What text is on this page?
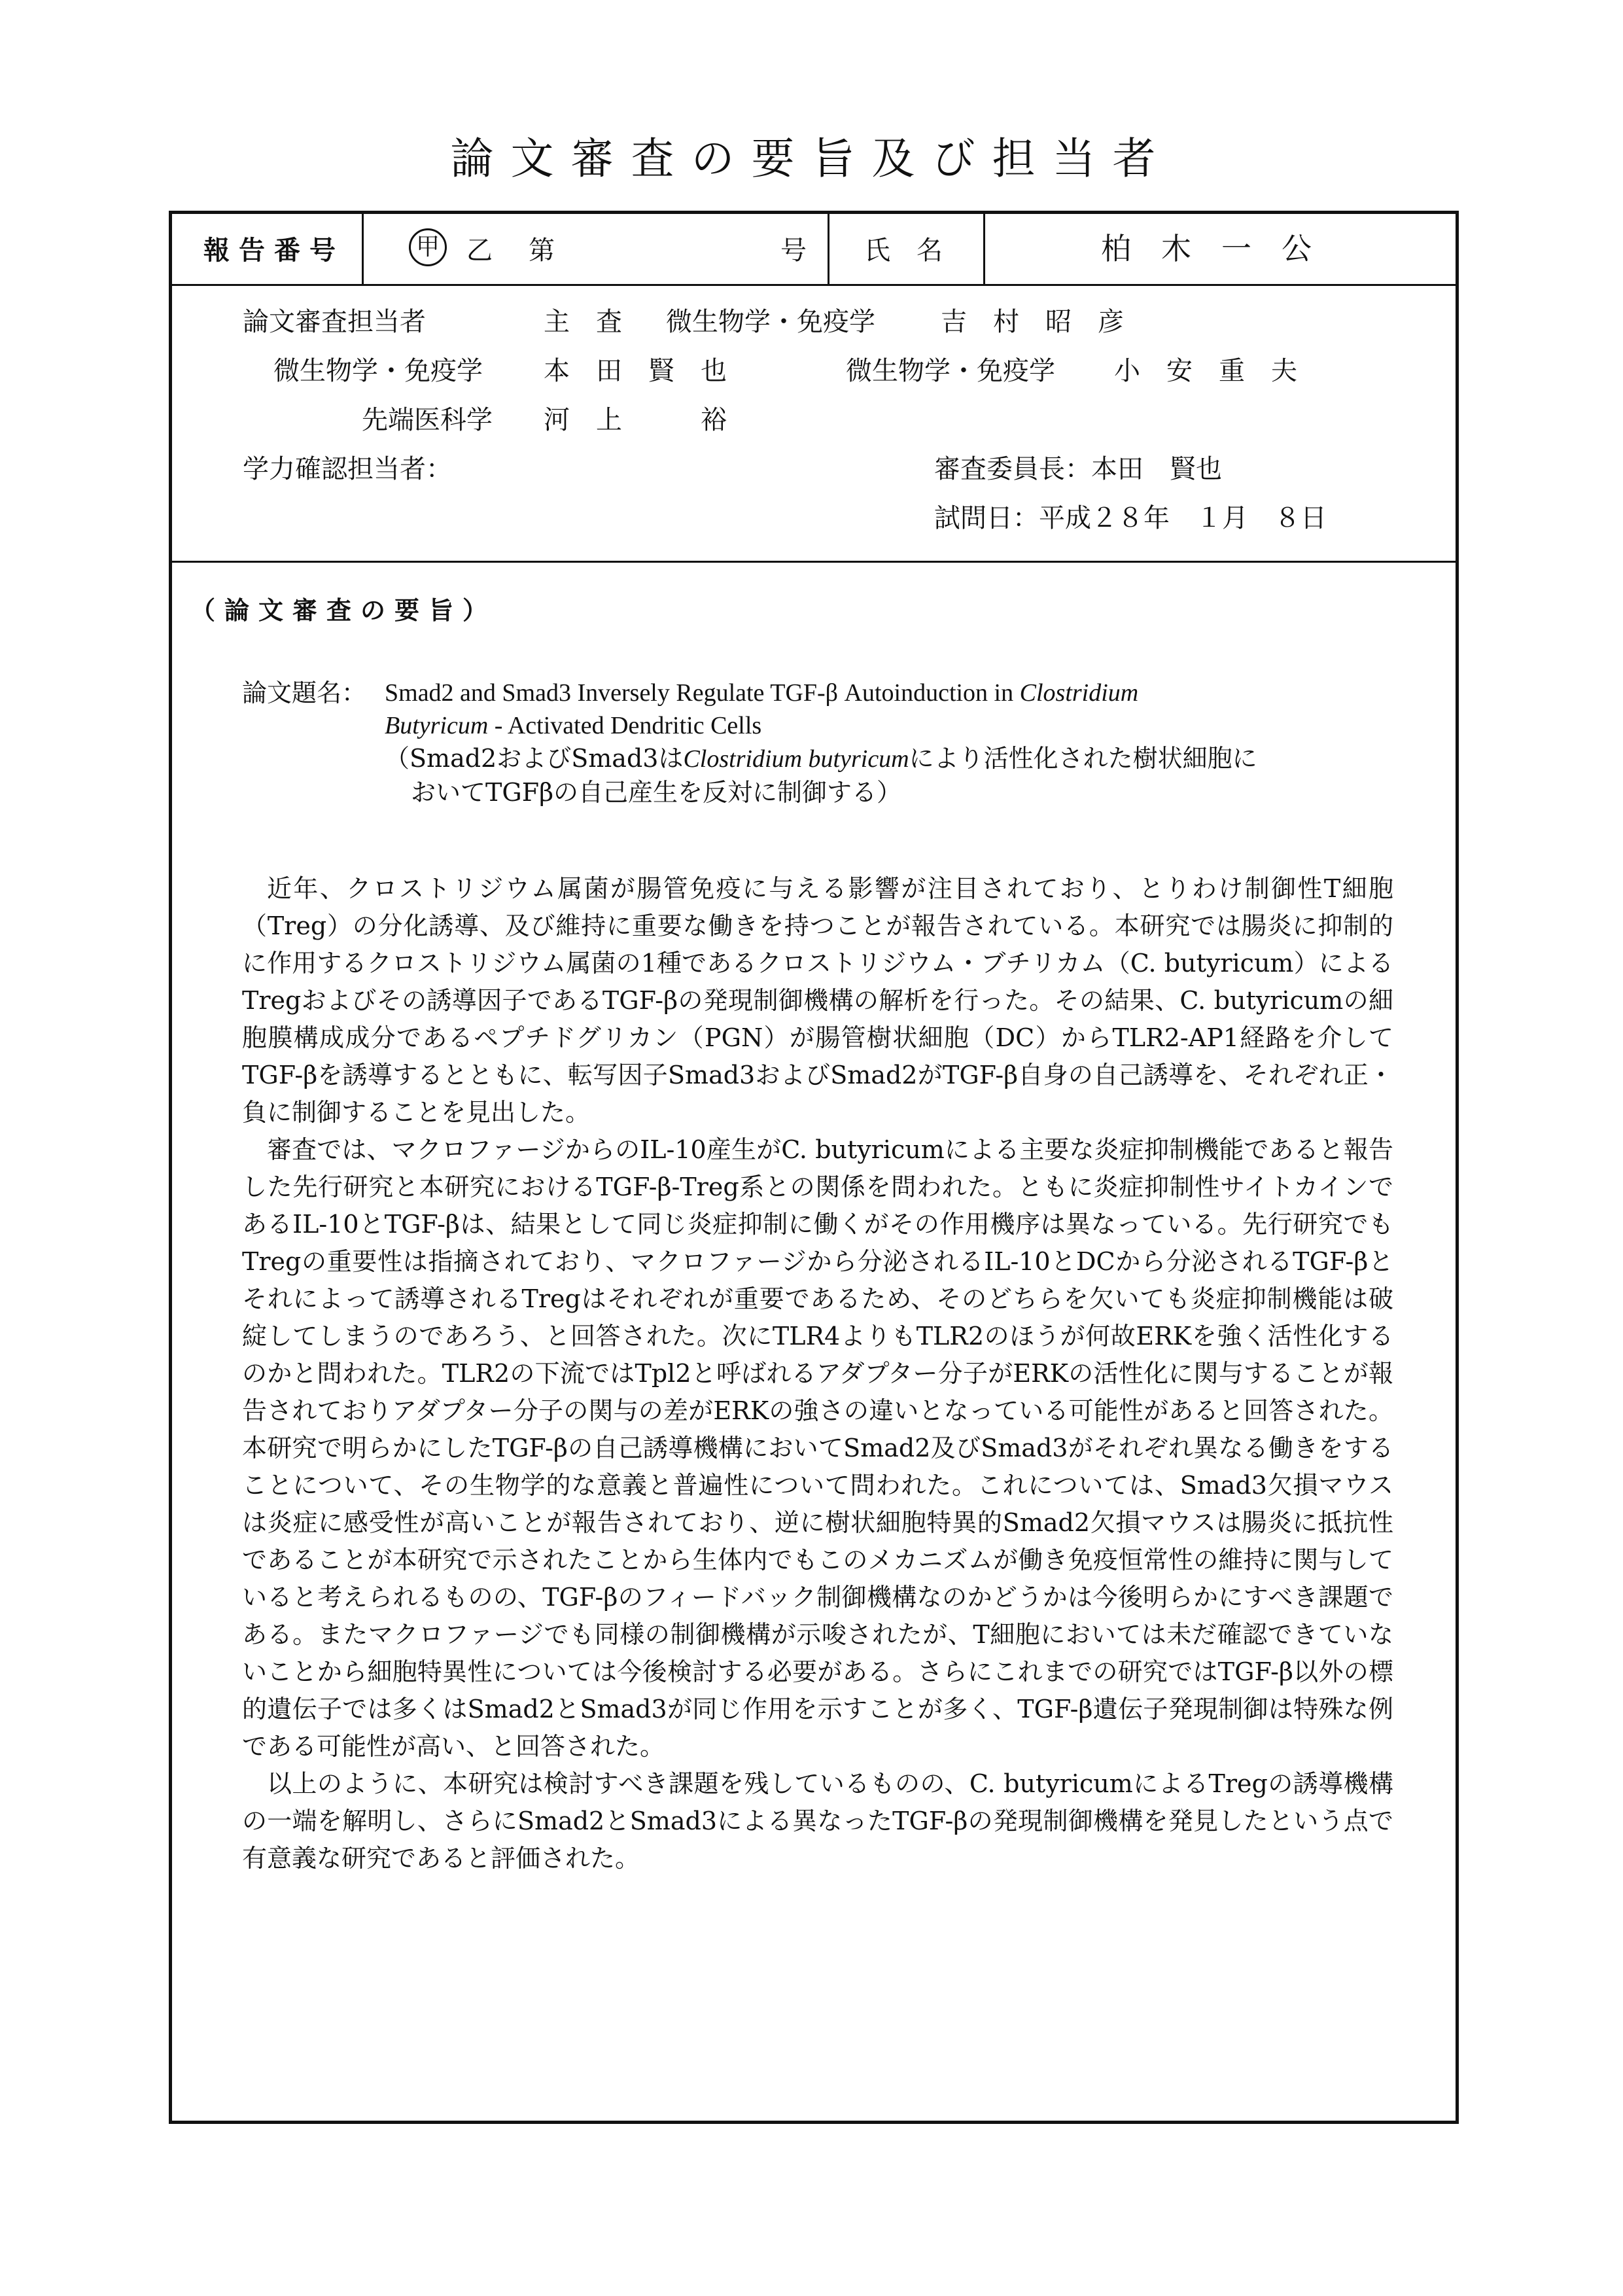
論文審査の要旨及び担当者
報告番号	甲 乙 第	号 氏　名	柏　木　一　公
論文審査担当者	主　査 微生物学・免疫学	吉　村　昭　彦
微生物学・免疫学 本　田　賢　也	微生物学・免疫学 小　安　重　夫
先端医科学 河　上　　　裕
学力確認担当者：	審査委員長：本田　賢也
試問日：平成２８年　１月　８日
（論文審査の要旨）
論文題名： Smad2 and Smad3 Inversely Regulate TGF-β Autoinduction in Clostridium
Butyricum - Activated Dendritic Cells
（Smad2およびSmad3はClostridium butyricumにより活性化された樹状細胞に
おいてTGFβの自己産生を反対に制御する）

近年、クロストリジウム属菌が腸管免疫に与える影響が注目されており、とりわけ制御性T細胞（Treg）の分化誘導、及び維持に重要な働きを持つことが報告されている。本研究では腸炎に抑制的に作用するクロストリジウム属菌の1種であるクロストリジウム・ブチリカム（C. butyricum）によるTregおよびその誘導因子であるTGF-βの発現制御機構の解析を行った。その結果、C. butyricumの細胞膜構成成分であるペプチドグリカン（PGN）が腸管樹状細胞（DC）からTLR2-AP1経路を介してTGF-βを誘導するとともに、転写因子Smad3およびSmad2がTGF-β自身の自己誘導を、それぞれ正・負に制御することを見出した。

審査では、マクロファージからのIL-10産生がC. butyricumによる主要な炎症抑制機能であると報告した先行研究と本研究におけるTGF-β-Treg系との関係を問われた。ともに炎症抑制性サイトカインであるIL-10とTGF-βは、結果として同じ炎症抑制に働くがその作用機序は異なっている。先行研究でもTregの重要性は指摘されており、マクロファージから分泌されるIL-10とDCから分泌されるTGF-βとそれによって誘導されるTregはそれぞれが重要であるため、そのどちらを欠いても炎症抑制機能は破綻してしまうのであろう、と回答された。次にTLR4よりもTLR2のほうが何故ERKを強く活性化するのかと問われた。TLR2の下流ではTpl2と呼ばれるアダプター分子がERKの活性化に関与することが報告されておりアダプター分子の関与の差がERKの強さの違いとなっている可能性があると回答された。本研究で明らかにしたTGF-βの自己誘導機構においてSmad2及びSmad3がそれぞれ異なる働きをすることについて、その生物学的な意義と普遍性について問われた。これについては、Smad3欠損マウスは炎症に感受性が高いことが報告されており、逆に樹状細胞特異的Smad2欠損マウスは腸炎に抵抗性であることが本研究で示されたことから生体内でもこのメカニズムが働き免疫恒常性の維持に関与していると考えられるものの、TGF-βのフィードバック制御機構なのかどうかは今後明らかにすべき課題である。またマクロファージでも同様の制御機構が示唆されたが、T細胞においては未だ確認できていないことから細胞特異性については今後検討する必要がある。さらにこれまでの研究ではTGF-β以外の標的遺伝子では多くはSmad2とSmad3が同じ作用を示すことが多く、TGF-β遺伝子発現制御は特殊な例である可能性が高い、と回答された。

以上のように、本研究は検討すべき課題を残しているものの、C. butyricumによるTregの誘導機構の一端を解明し、さらにSmad2とSmad3による異なったTGF-βの発現制御機構を発見したという点で有意義な研究であると評価された。
